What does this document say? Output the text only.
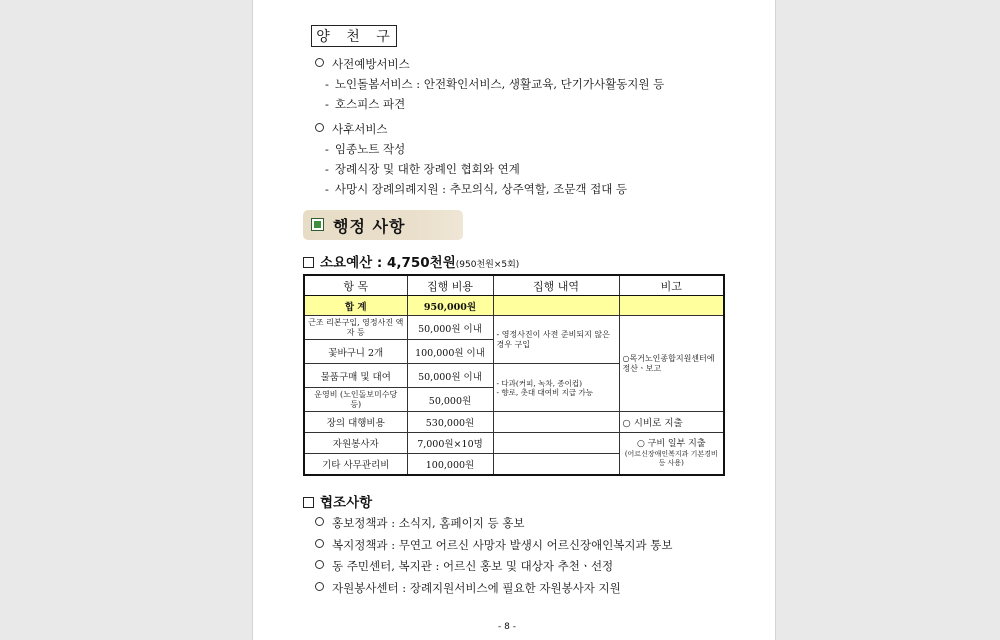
양 천 구
사전예방서비스
- 노인돌봄서비스 : 안전확인서비스, 생활교육, 단기가사활동지원 등
- 호스피스 파견
사후서비스
- 임종노트 작성
- 장례식장 및 대한 장례인 협회와 연계
- 사망시 장례의례지원 : 추모의식, 상주역할, 조문객 접대 등
행정 사항
소요예산 : 4,750천원(950천원×5회)
항 목	집행 비용	집행 내역	비고
합 계	950,000원		
근조 리본구입, 영정사진 액자 등	50,000원 이내	- 영정사진이 사전 준비되지 않은 경우 구입	○목거노인종합지원센터에 정산ㆍ보고
꽃바구니 2개	100,000원 이내		
물품구매 및 대여	50,000원 이내	- 다과(커피, 녹차, 종이컵)
- 향로, 촛대 대여비 지급 가능	

운영비 (노인돌보미수당 등)	50,000원		
장의 대행비용	530,000원		○ 시비로 지출
자원봉사자	7,000원×10명		○ 구비 일부 지출
(어르신장애인복지과 기본경비 등 사용)

기타 사무관리비	100,000원		
협조사항
홍보정책과 : 소식지, 홈페이지 등 홍보
복지정책과 : 무연고 어르신 사망자 발생시 어르신장애인복지과 통보
동 주민센터, 복지관 : 어르신 홍보 및 대상자 추천ㆍ선정
자원봉사센터 : 장례지원서비스에 필요한 자원봉사자 지원
- 8 -
